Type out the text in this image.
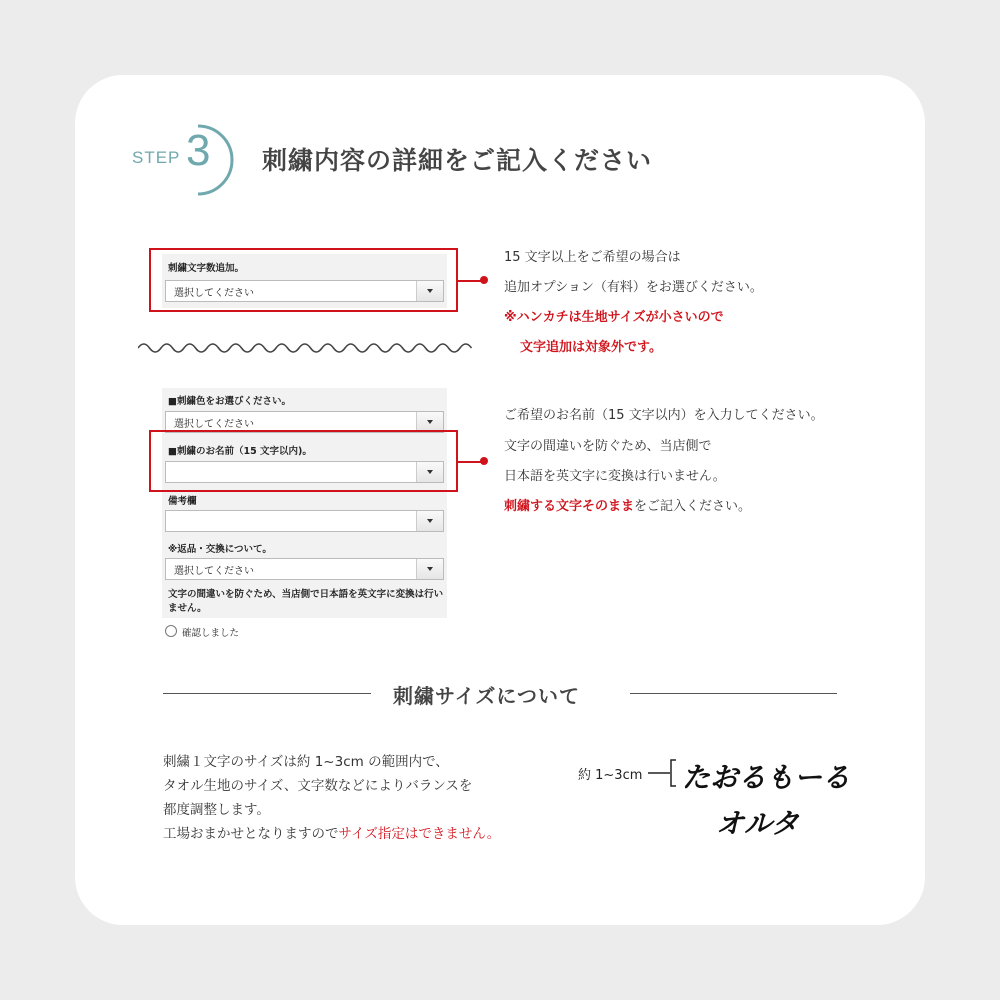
STEP 3 刺繍内容の詳細をご記入ください
刺繍文字数追加。
選択してください
15 文字以上をご希望の場合は
追加オプション（有料）をお選びください。
※ハンカチは生地サイズが小さいので
文字追加は対象外です。
■刺繍色をお選びください。
選択してください
■刺繍のお名前（15 文字以内)。
備考欄
※返品・交換について。
選択してください
文字の間違いを防ぐため、当店側で日本語を英文字に変換は行いません。
確認しました
ご希望のお名前（15 文字以内）を入力してください。
文字の間違いを防ぐため、当店側で
日本語を英文字に変換は行いません。
刺繍する文字そのままをご記入ください。
刺繍サイズについて
刺繍１文字のサイズは約 1~3cm の範囲内で、
タオル生地のサイズ、文字数などによりバランスを
都度調整します。
工場おまかせとなりますのでサイズ指定はできません。
約 1~3cm たおるもーる
オルタ
